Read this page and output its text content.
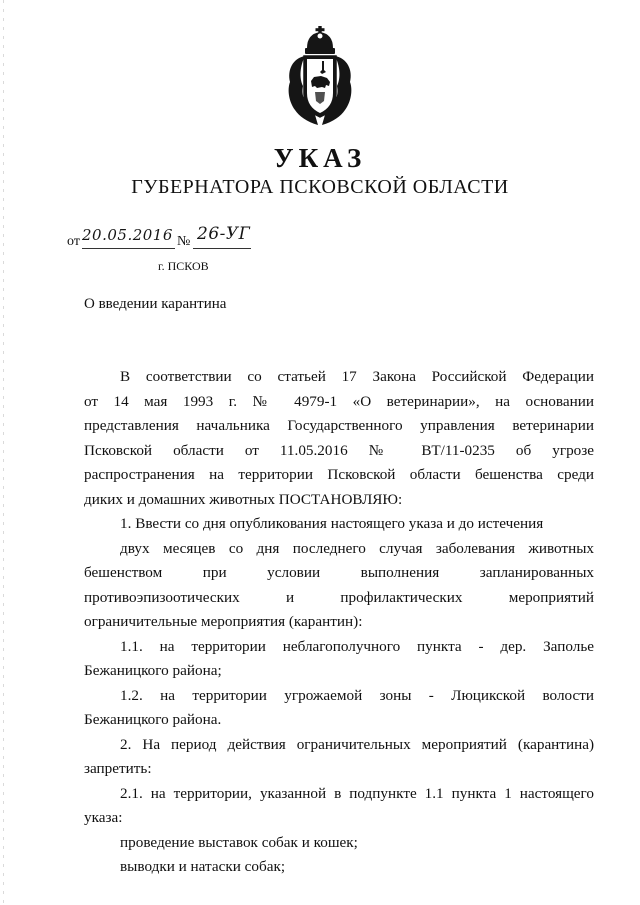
УКАЗ
ГУБЕРНАТОРА ПСКОВСКОЙ ОБЛАСТИ
от 20.05.2016 № 26-УГ
г. ПСКОВ
О введении карантина

В соответствии со статьей 17 Закона Российской Федерации

от 14 мая 1993 г. № 4979-1 «О ветеринарии», на основании

представления начальника Государственного управления ветеринарии

Псковской области от 11.05.2016 № ВТ/11-0235 об угрозе

распространения на территории Псковской области бешенства среди

диких и домашних животных ПОСТАНОВЛЯЮ:

1. Ввести со дня опубликования настоящего указа и до истечения

двух месяцев со дня последнего случая заболевания животных

бешенством при условии выполнения запланированных

противоэпизоотических и профилактических мероприятий

ограничительные мероприятия (карантин):

1.1. на территории неблагополучного пункта - дер. Заполье

Бежаницкого района;

1.2. на территории угрожаемой зоны - Люцикской волости

Бежаницкого района.

2. На период действия ограничительных мероприятий (карантина)

запретить:

2.1. на территории, указанной в подпункте 1.1 пункта 1 настоящего

указа:

проведение выставок собак и кошек;

выводки и натаски собак;
